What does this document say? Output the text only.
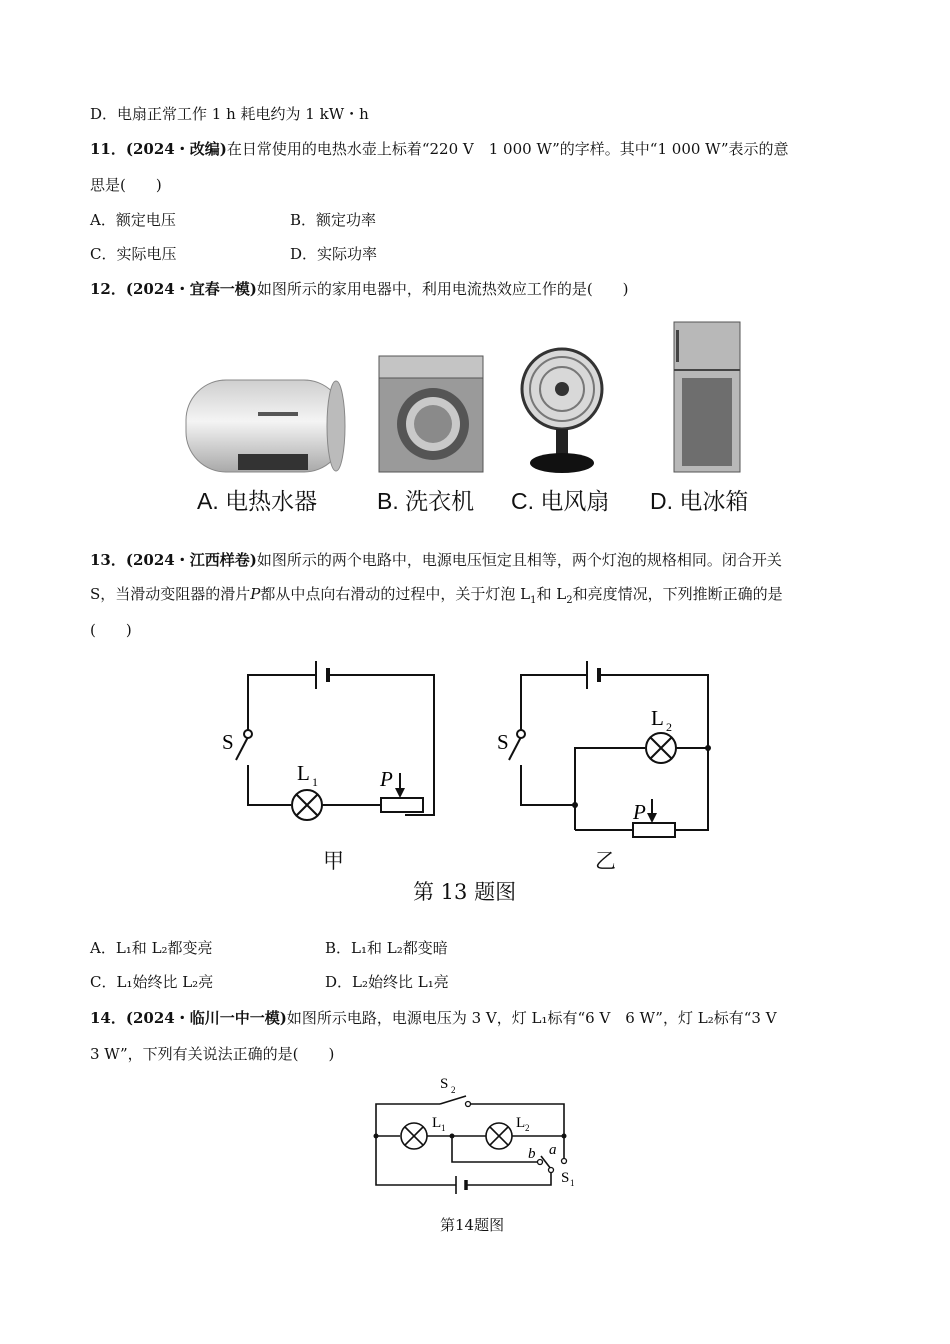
D．电扇正常工作 1 h 耗电约为 1 kW・h
11．(2024・改编)在日常使用的电热水壶上标着“220 V　1 000 W”的字样。其中“1 000 W”表示的意
思是(　　)
A．额定电压	B．额定功率
C．实际电压	D．实际功率
12．(2024・宜春一模)如图所示的家用电器中，利用电流热效应工作的是(　　)
A. 电热水器	B. 洗衣机 C. 电风扇 D. 电冰箱
13．(2024・江西样卷)如图所示的两个电路中，电源电压恒定且相等，两个灯泡的规格相同。闭合开关
S，当滑动变阻器的滑片P都从中点向右滑动的过程中，关于灯泡 $L_1$和 $L_2$和亮度情况，下列推断正确的是
(　　)
S
L 1	P
甲
S
L 2
P
乙
第 13 题图
A．L₁和 L₂都变亮	B．L₁和 L₂都变暗
C．L₁始终比 L₂亮	D．L₂始终比 L₁亮
14．(2024・临川一中一模)如图所示电路，电源电压为 3 V，灯 L₁标有“6 V　6 W”，灯 L₂标有“3 V
3 W”，下列有关说法正确的是(　　)
S 2
L 1	L 2
b a
S 1
第14题图
